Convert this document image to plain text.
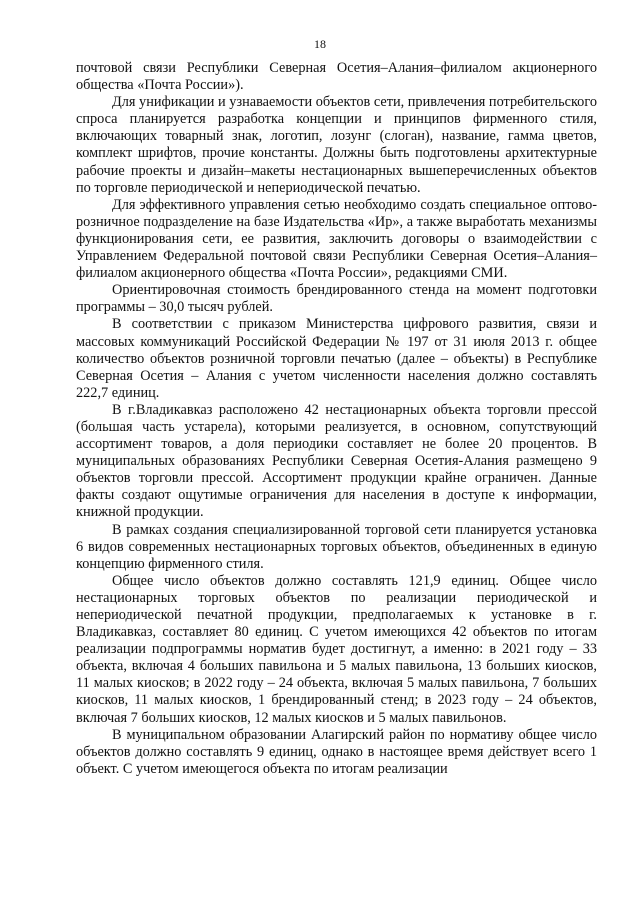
18

почтовой связи Республики Северная Осетия–Алания–филиалом акционерного общества «Почта России»).

Для унификации и узнаваемости объектов сети, привлечения потребительского спроса планируется разработка концепции и принципов фирменного стиля, включающих товарный знак, логотип, лозунг (слоган), название, гамма цветов, комплект шрифтов, прочие константы. Должны быть подготовлены архитектурные рабочие проекты и дизайн–макеты нестационарных вышеперечисленных объектов по торговле периодической и непериодической печатью.

Для эффективного управления сетью необходимо создать специальное оптово-розничное подразделение на базе Издательства «Ир», а также выработать механизмы функционирования сети, ее развития, заключить договоры о взаимодействии с Управлением Федеральной почтовой связи Республики Северная Осетия–Алания–филиалом акционерного общества «Почта России», редакциями СМИ.

Ориентировочная стоимость брендированного стенда на момент подготовки программы – 30,0 тысяч рублей.

В соответствии с приказом Министерства цифрового развития, связи и массовых коммуникаций Российской Федерации № 197 от 31 июля 2013 г. общее количество объектов розничной торговли печатью (далее – объекты) в Республике Северная Осетия – Алания с учетом численности населения должно составлять 222,7 единиц.

В г.Владикавказ расположено 42 нестационарных объекта торговли прессой (большая часть устарела), которыми реализуется, в основном, сопутствующий ассортимент товаров, а доля периодики составляет не более 20 процентов. В муниципальных образованиях Республики Северная Осетия-Алания размещено 9 объектов торговли прессой. Ассортимент продукции крайне ограничен. Данные факты создают ощутимые ограничения для населения в доступе к информации, книжной продукции.

В рамках создания специализированной торговой сети планируется установка 6 видов современных нестационарных торговых объектов, объединенных в единую концепцию фирменного стиля.

Общее число объектов должно составлять 121,9 единиц. Общее число нестационарных торговых объектов по реализации периодической и непериодической печатной продукции, предполагаемых к установке в г. Владикавказ, составляет 80 единиц. С учетом имеющихся 42 объектов по итогам реализации подпрограммы норматив будет достигнут, а именно: в 2021 году – 33 объекта, включая 4 больших павильона и 5 малых павильона, 13 больших киосков, 11 малых киосков; в 2022 году – 24 объекта, включая 5 малых павильона, 7 больших киосков, 11 малых киосков, 1 брендированный стенд; в 2023 году – 24 объектов, включая 7 больших киосков, 12 малых киосков и 5 малых павильонов.

В муниципальном образовании Алагирский район по нормативу общее число объектов должно составлять 9 единиц, однако в настоящее время действует всего 1 объект. С учетом имеющегося объекта по итогам реализации
